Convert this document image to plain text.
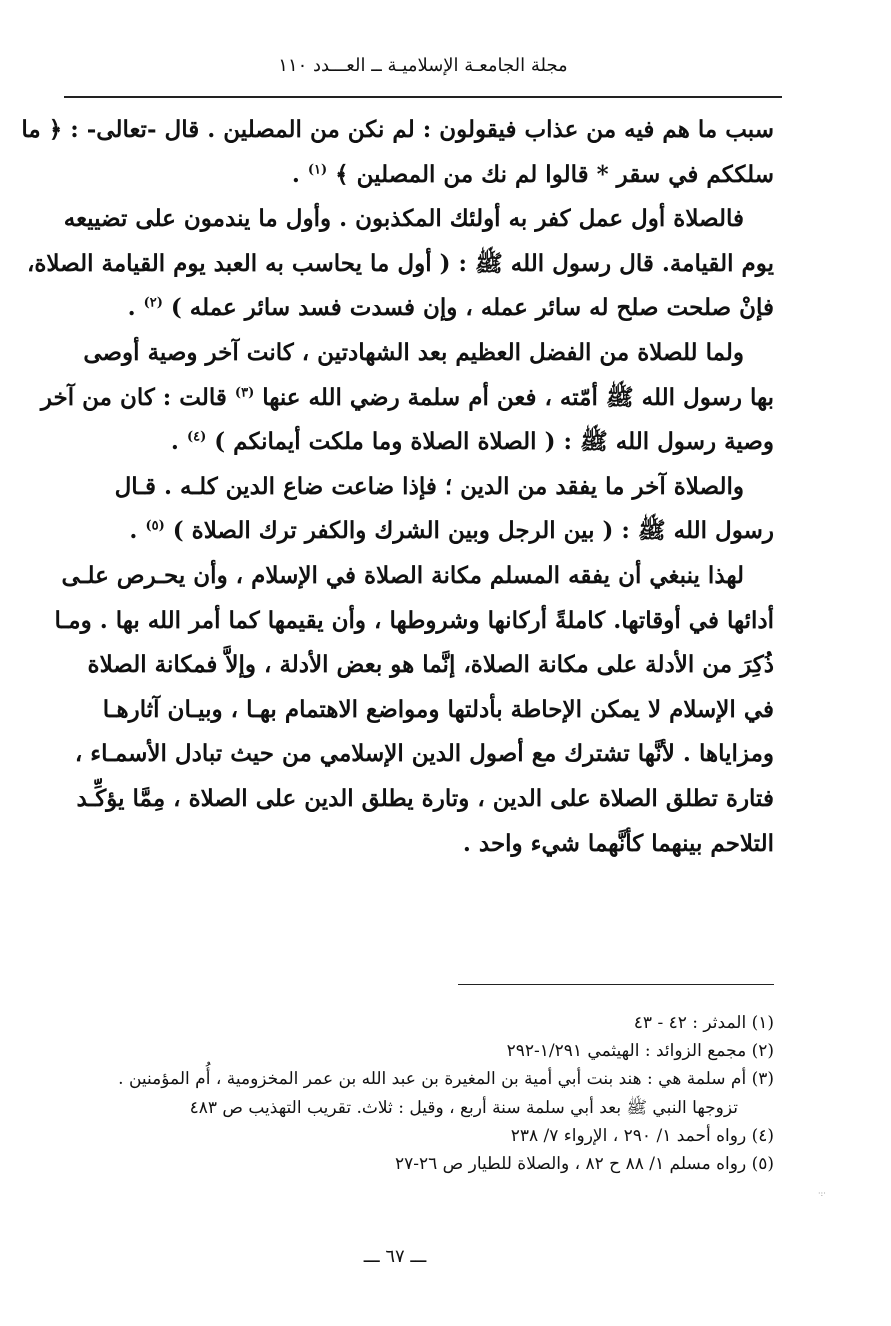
مجلة الجامعـة الإسلاميـة ــ العـــدد ١١٠
سبب ما هم فيه من عذاب فيقولون : لم نكن من المصلين . قال -تعالى- : ﴿ ما
سلككم في سقر * قالوا لم نك من المصلين ﴾ $^{(١)}$ .
فالصلاة أول عمل كفر به أولئك المكذبون . وأول ما يندمون على تضييعه
يوم القيامة. قال رسول الله ﷺ : ( أول ما يحاسب به العبد يوم القيامة الصلاة،
فإنْ صلحت صلح له سائر عمله ، وإن فسدت فسد سائر عمله ) $^{(٢)}$ .
ولما للصلاة من الفضل العظيم بعد الشهادتين ، كانت آخر وصية أوصى
بها رسول الله ﷺ أمّته ، فعن أم سلمة رضي الله عنها $^{(٣)}$ قالت : كان من آخر
وصية رسول الله ﷺ : ( الصلاة الصلاة وما ملكت أيمانكم ) $^{(٤)}$ .
والصلاة آخر ما يفقد من الدين ؛ فإذا ضاعت ضاع الدين كلـه . قـال
رسول الله ﷺ : ( بين الرجل وبين الشرك والكفر ترك الصلاة ) $^{(٥)}$ .
لهذا ينبغي أن يفقه المسلم مكانة الصلاة في الإسلام ، وأن يحـرص علـى
أدائها في أوقاتها. كاملةً أركانها وشروطها ، وأن يقيمها كما أمر الله بها . ومـا
ذُكِرَ من الأدلة على مكانة الصلاة، إنَّما هو بعض الأدلة ، وإلاَّ فمكانة الصلاة
في الإسلام لا يمكن الإحاطة بأدلتها ومواضع الاهتمام بهـا ، وبيـان آثارهـا
ومزاياها . لأنَّها تشترك مع أصول الدين الإسلامي من حيث تبادل الأسمـاء ،
فتارة تطلق الصلاة على الدين ، وتارة يطلق الدين على الصلاة ، مِمَّا يؤكِّـد
التلاحم بينهما كأنَّهما شيء واحد .
(١) المدثر : ٤٢ - ٤٣
(٢) مجمع الزوائد : الهيثمي ١/٢٩١-٢٩٢
(٣) أم سلمة هي : هند بنت أبي أمية بن المغيرة بن عبد الله بن عمر المخزومية ، أُم المؤمنين .
تزوجها النبي ﷺ بعد أبي سلمة سنة أربع ، وقيل : ثلاث. تقريب التهذيب ص ٤٨٣
(٤) رواه أحمد ١/ ٢٩٠ ، الإرواء ٧/ ٢٣٨
(٥) رواه مسلم ١/ ٨٨ ح ٨٢ ، والصلاة للطيار ص ٢٦-٢٧
ـــ ٦٧ ـــ
·:·
